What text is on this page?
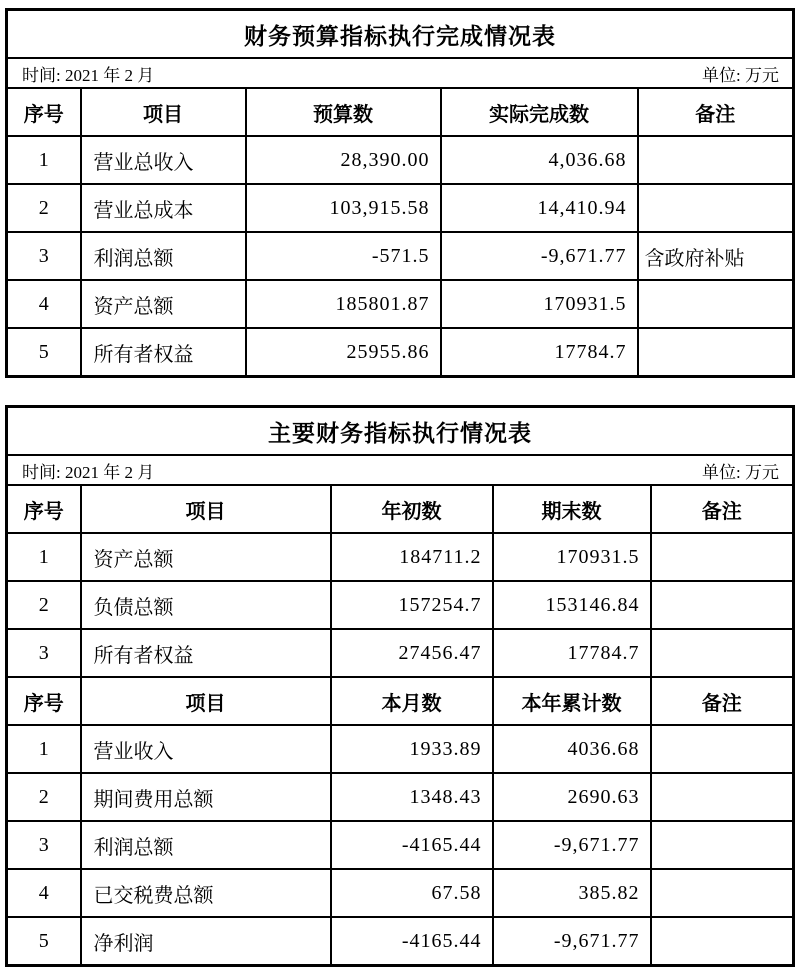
财务预算指标执行完成情况表				

时间: 2021 年 2 月 单位: 万元				

序号	项目	预算数	实际完成数	备注
1	营业总收入	28,390.00	4,036.68	
2	营业总成本	103,915.58	14,410.94	
3	利润总额	-571.5	-9,671.77	含政府补贴
4	资产总额	185801.87	170931.5	
5	所有者权益	25955.86	17784.7	
主要财务指标执行情况表				

时间: 2021 年 2 月 单位: 万元				

序号	项目	年初数	期末数	备注
1	资产总额	184711.2	170931.5	
2	负债总额	157254.7	153146.84	
3	所有者权益	27456.47	17784.7	
序号	项目	本月数	本年累计数	备注
1	营业收入	1933.89	4036.68	
2	期间费用总额	1348.43	2690.63	
3	利润总额	-4165.44	-9,671.77	
4	已交税费总额	67.58	385.82	
5	净利润	-4165.44	-9,671.77	
